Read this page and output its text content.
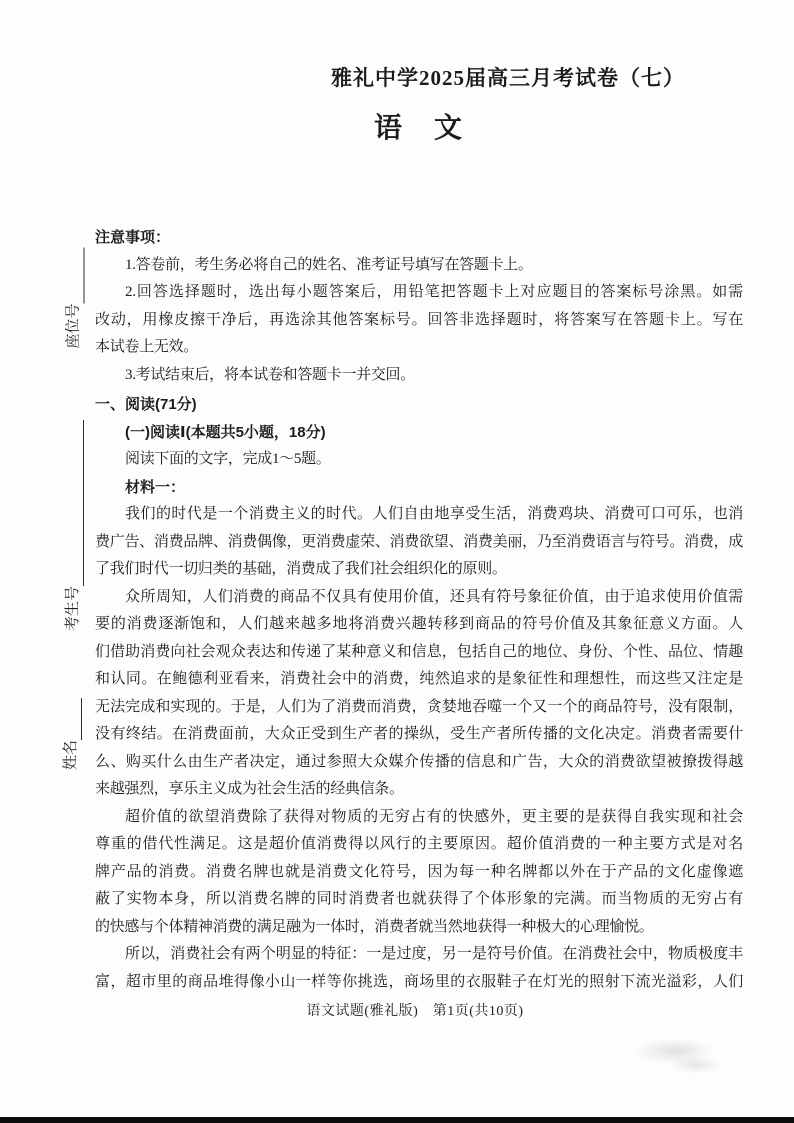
雅礼中学2025届高三月考试卷（七）
语　文
座位号
考生号
姓名
注意事项：
1.答卷前，考生务必将自己的姓名、准考证号填写在答题卡上。
2.回答选择题时，选出每小题答案后，用铅笔把答题卡上对应题目的答案标号涂黑。如需
改动，用橡皮擦干净后，再选涂其他答案标号。回答非选择题时，将答案写在答题卡上。写在
本试卷上无效。
3.考试结束后，将本试卷和答题卡一并交回。
一、阅读(71分)
(一)阅读Ⅰ(本题共5小题，18分)
阅读下面的文字，完成1～5题。
材料一：
我们的时代是一个消费主义的时代。人们自由地享受生活，消费鸡块、消费可口可乐，也消
费广告、消费品牌、消费偶像，更消费虚荣、消费欲望、消费美丽，乃至消费语言与符号。消费，成
了我们时代一切归类的基础，消费成了我们社会组织化的原则。
众所周知，人们消费的商品不仅具有使用价值，还具有符号象征价值，由于追求使用价值需
要的消费逐渐饱和，人们越来越多地将消费兴趣转移到商品的符号价值及其象征意义方面。人
们借助消费向社会观众表达和传递了某种意义和信息，包括自己的地位、身份、个性、品位、情趣
和认同。在鲍德利亚看来，消费社会中的消费，纯然追求的是象征性和理想性，而这些又注定是
无法完成和实现的。于是，人们为了消费而消费，贪婪地吞噬一个又一个的商品符号，没有限制，
没有终结。在消费面前，大众正受到生产者的操纵，受生产者所传播的文化决定。消费者需要什
么、购买什么由生产者决定，通过参照大众媒介传播的信息和广告，大众的消费欲望被撩拨得越
来越强烈，享乐主义成为社会生活的经典信条。
超价值的欲望消费除了获得对物质的无穷占有的快感外，更主要的是获得自我实现和社会
尊重的借代性满足。这是超价值消费得以风行的主要原因。超价值消费的一种主要方式是对名
牌产品的消费。消费名牌也就是消费文化符号，因为每一种名牌都以外在于产品的文化虚像遮
蔽了实物本身，所以消费名牌的同时消费者也就获得了个体形象的完满。而当物质的无穷占有
的快感与个体精神消费的满足融为一体时，消费者就当然地获得一种极大的心理愉悦。
所以，消费社会有两个明显的特征：一是过度，另一是符号价值。在消费社会中，物质极度丰
富，超市里的商品堆得像小山一样等你挑选，商场里的衣服鞋子在灯光的照射下流光溢彩，人们
语文试题(雅礼版)　第1页(共10页)
